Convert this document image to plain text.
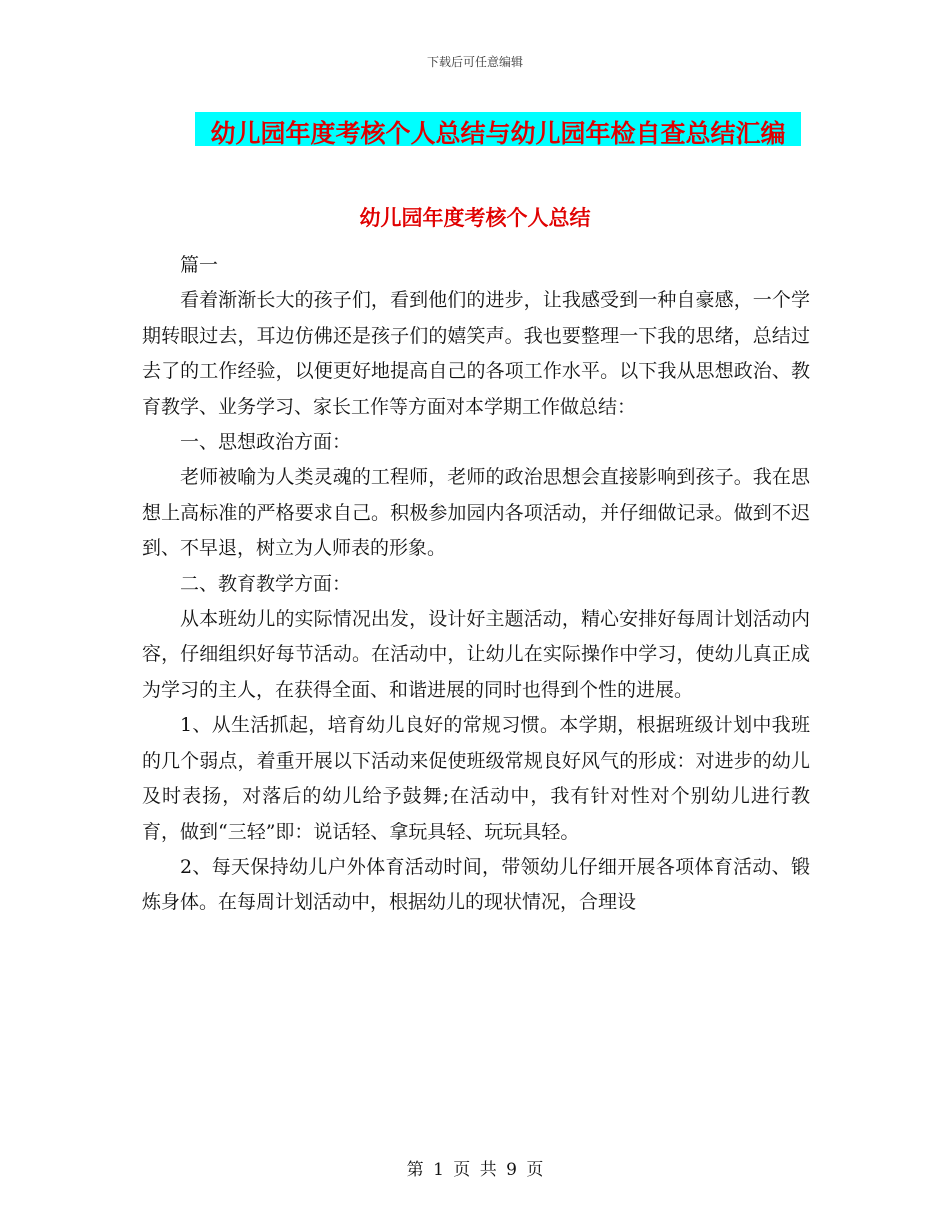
下载后可任意编辑
幼儿园年度考核个人总结与幼儿园年检自查总结汇编
幼儿园年度考核个人总结

篇一

看着渐渐长大的孩子们，看到他们的进步，让我感受到一种自豪感，一个学期转眼过去，耳边仿佛还是孩子们的嬉笑声。我也要整理一下我的思绪，总结过去了的工作经验，以便更好地提高自己的各项工作水平。以下我从思想政治、教育教学、业务学习、家长工作等方面对本学期工作做总结：

一、思想政治方面：

老师被喻为人类灵魂的工程师，老师的政治思想会直接影响到孩子。我在思想上高标准的严格要求自己。积极参加园内各项活动，并仔细做记录。做到不迟到、不早退，树立为人师表的形象。

二、教育教学方面：

从本班幼儿的实际情况出发，设计好主题活动，精心安排好每周计划活动内容，仔细组织好每节活动。在活动中，让幼儿在实际操作中学习，使幼儿真正成为学习的主人，在获得全面、和谐进展的同时也得到个性的进展。

1、从生活抓起，培育幼儿良好的常规习惯。本学期，根据班级计划中我班的几个弱点，着重开展以下活动来促使班级常规良好风气的形成：对进步的幼儿及时表扬，对落后的幼儿给予鼓舞;在活动中，我有针对性对个别幼儿进行教育，做到“三轻”即：说话轻、拿玩具轻、玩玩具轻。

2、每天保持幼儿户外体育活动时间，带领幼儿仔细开展各项体育活动、锻炼身体。在每周计划活动中，根据幼儿的现状情况，合理设

第 1 页 共 9 页
